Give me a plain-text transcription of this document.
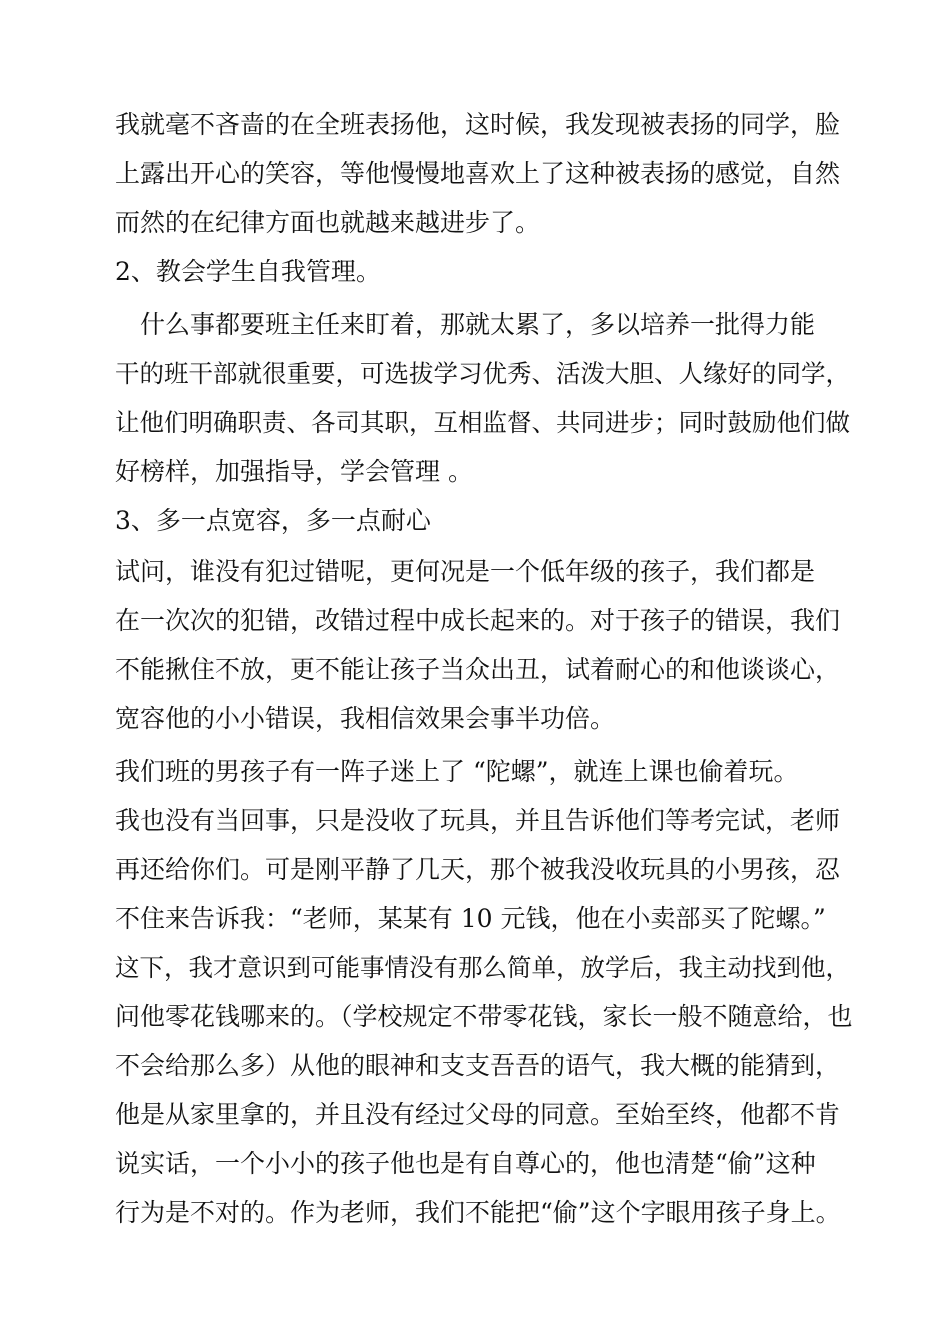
我就毫不吝啬的在全班表扬他，这时候，我发现被表扬的同学，脸
上露出开心的笑容，等他慢慢地喜欢上了这种被表扬的感觉，自然
而然的在纪律方面也就越来越进步了。
2、教会学生自我管理。
　什么事都要班主任来盯着，那就太累了，多以培养一批得力能
干的班干部就很重要，可选拔学习优秀、活泼大胆、人缘好的同学，
让他们明确职责、各司其职，互相监督、共同进步；同时鼓励他们做
好榜样，加强指导，学会管理 。
3、多一点宽容，多一点耐心
试问，谁没有犯过错呢，更何况是一个低年级的孩子，我们都是
在一次次的犯错，改错过程中成长起来的。对于孩子的错误，我们
不能揪住不放，更不能让孩子当众出丑，试着耐心的和他谈谈心，
宽容他的小小错误，我相信效果会事半功倍。
我们班的男孩子有一阵子迷上了 “陀螺”，就连上课也偷着玩。
我也没有当回事，只是没收了玩具，并且告诉他们等考完试，老师
再还给你们。可是刚平静了几天，那个被我没收玩具的小男孩，忍
不住来告诉我：“老师，某某有 10 元钱，他在小卖部买了陀螺。”
这下，我才意识到可能事情没有那么简单，放学后，我主动找到他，
问他零花钱哪来的。（学校规定不带零花钱，家长一般不随意给，也
不会给那么多）从他的眼神和支支吾吾的语气，我大概的能猜到，
他是从家里拿的，并且没有经过父母的同意。至始至终，他都不肯
说实话，一个小小的孩子他也是有自尊心的，他也清楚“偷”这种
行为是不对的。作为老师，我们不能把“偷”这个字眼用孩子身上。
